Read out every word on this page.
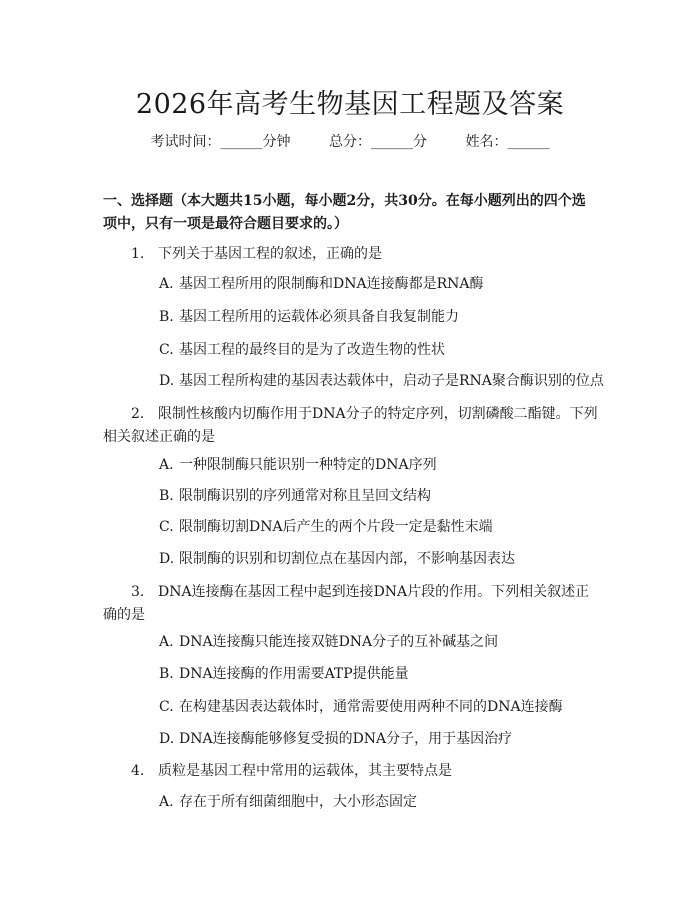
2026年高考生物基因工程题及答案
考试时间：______分钟	总分：______分	姓名：______
一、选择题（本大题共15小题，每小题2分，共30分。在每小题列出的四个选项中，只有一项是最符合题目要求的。）
1. 下列关于基因工程的叙述，正确的是
A. 基因工程所用的限制酶和DNA连接酶都是RNA酶
B. 基因工程所用的运载体必须具备自我复制能力
C. 基因工程的最终目的是为了改造生物的性状
D. 基因工程所构建的基因表达载体中，启动子是RNA聚合酶识别的位点
2. 限制性核酸内切酶作用于DNA分子的特定序列，切割磷酸二酯键。下列相关叙述正确的是
A. 一种限制酶只能识别一种特定的DNA序列
B. 限制酶识别的序列通常对称且呈回文结构
C. 限制酶切割DNA后产生的两个片段一定是黏性末端
D. 限制酶的识别和切割位点在基因内部，不影响基因表达
3. DNA连接酶在基因工程中起到连接DNA片段的作用。下列相关叙述正确的是
A. DNA连接酶只能连接双链DNA分子的互补碱基之间
B. DNA连接酶的作用需要ATP提供能量
C. 在构建基因表达载体时，通常需要使用两种不同的DNA连接酶
D. DNA连接酶能够修复受损的DNA分子，用于基因治疗
4. 质粒是基因工程中常用的运载体，其主要特点是
A. 存在于所有细菌细胞中，大小形态固定
